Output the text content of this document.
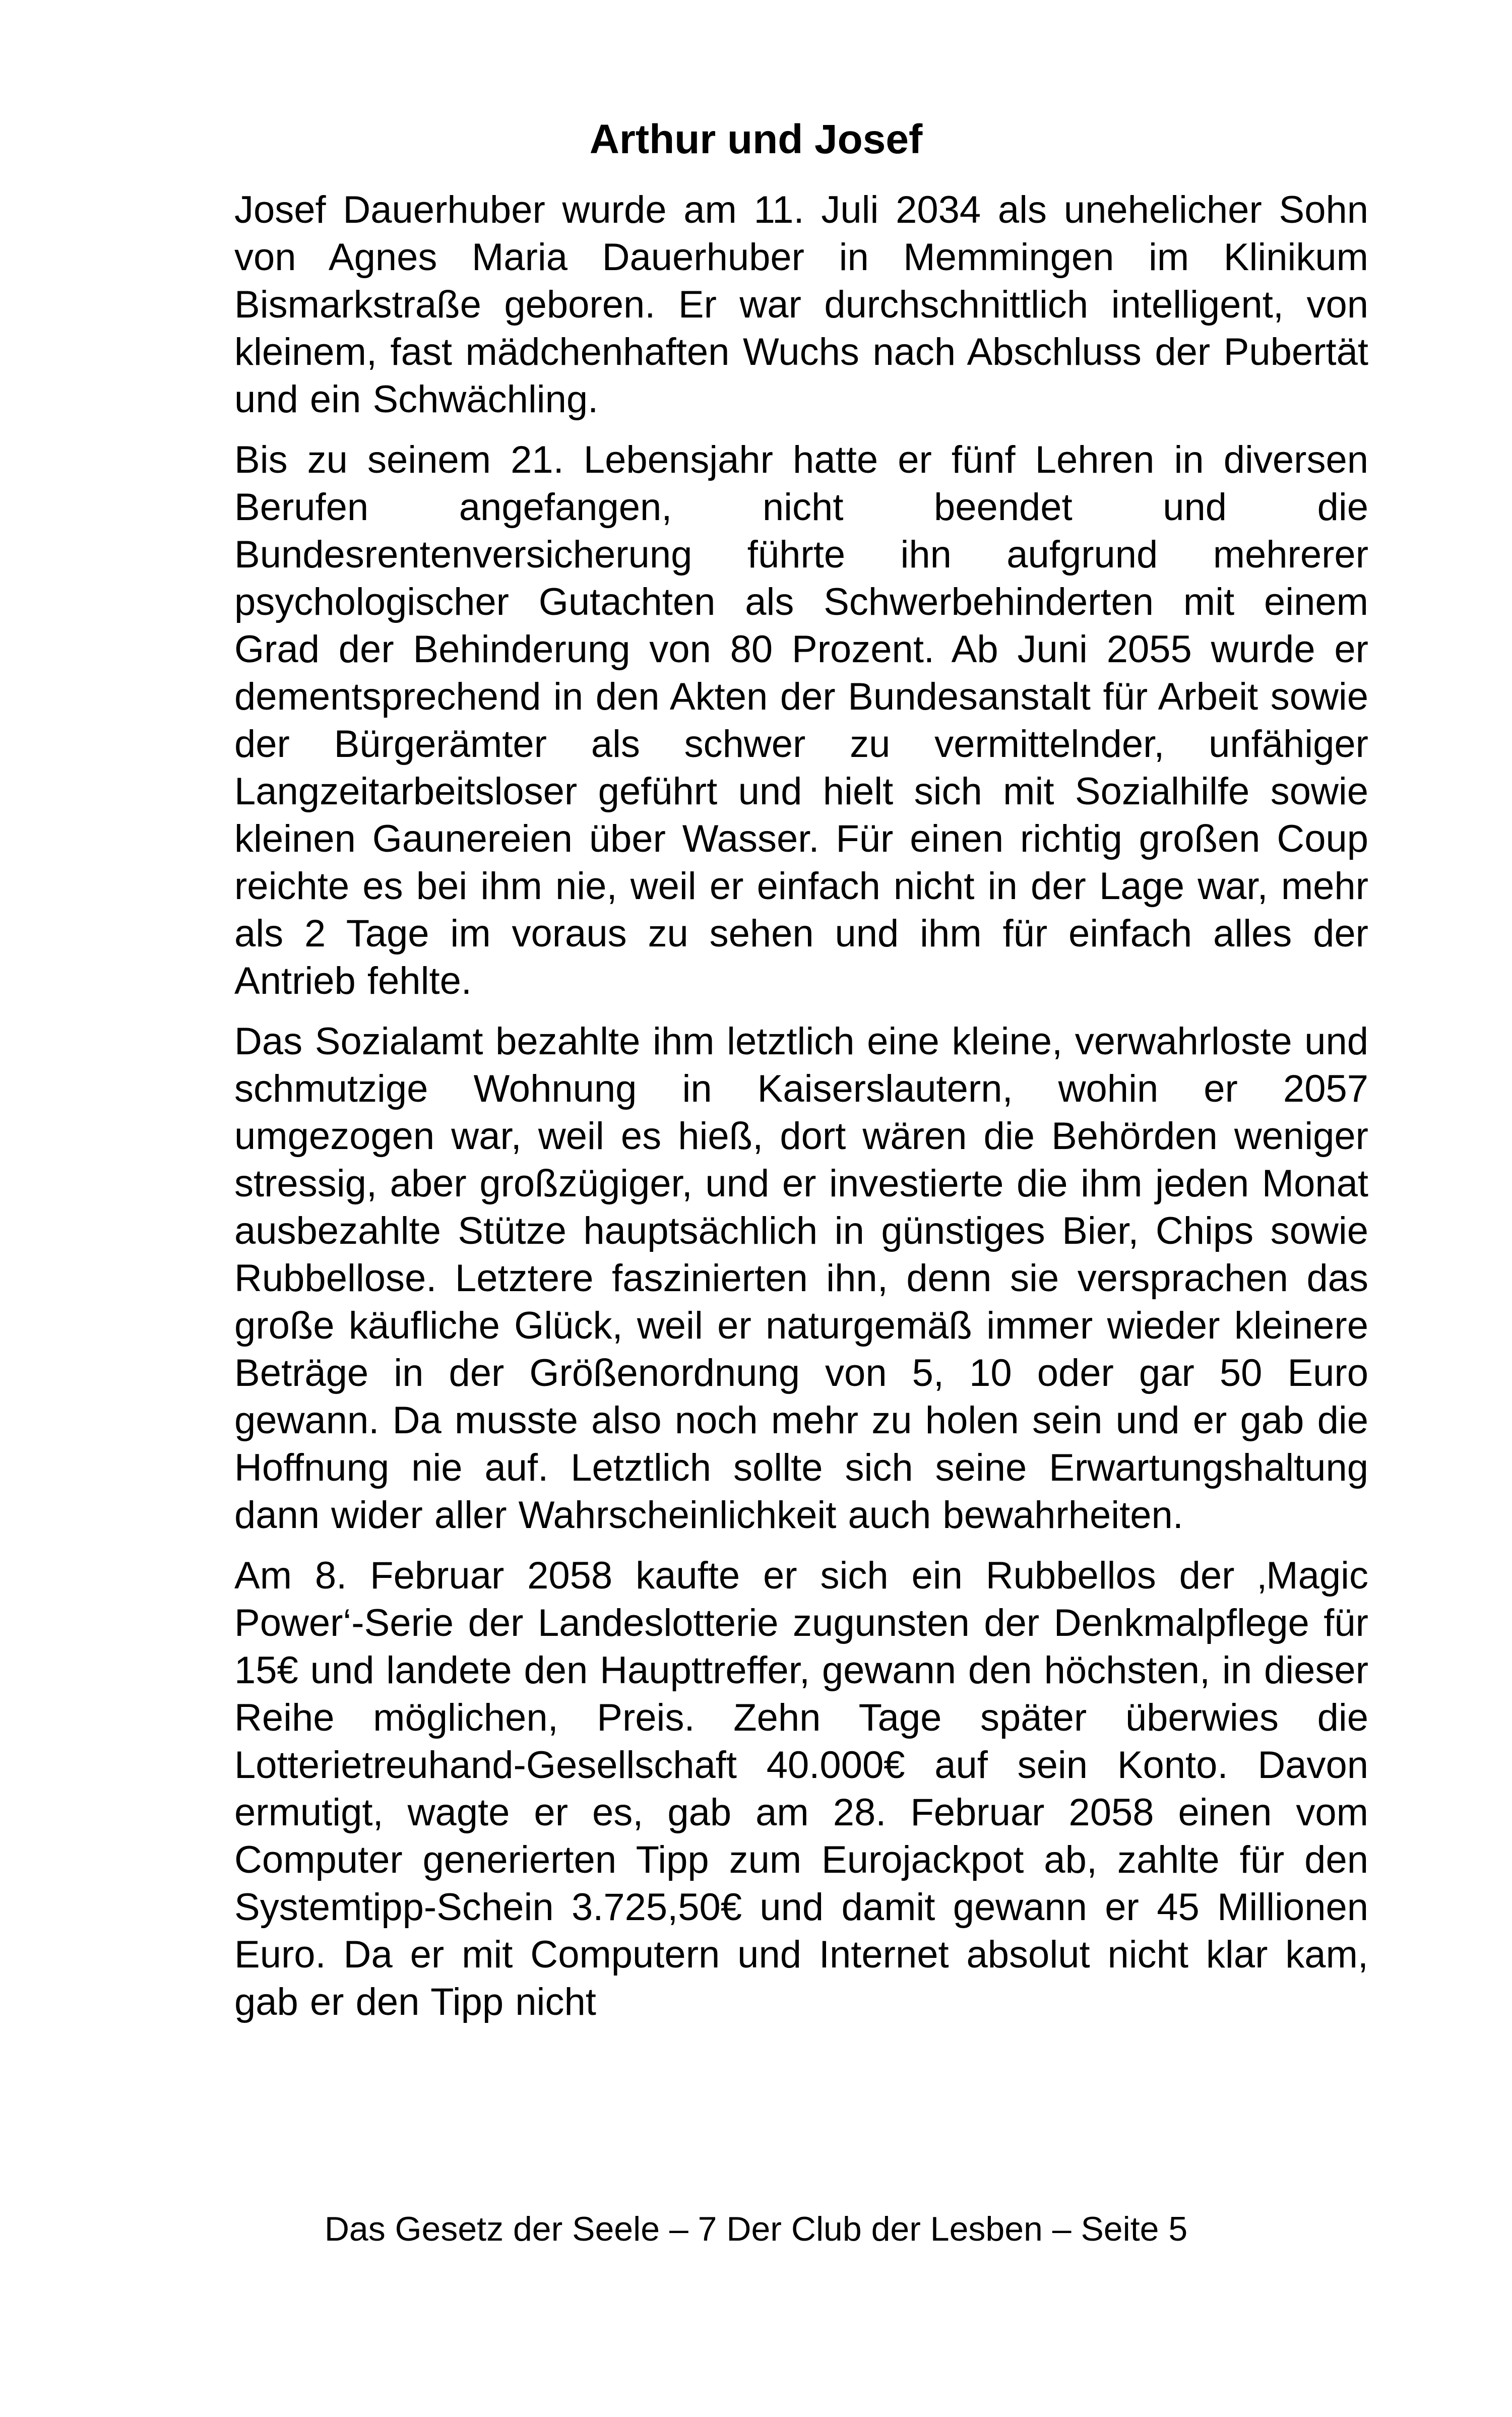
Arthur und Josef

Josef Dauerhuber wurde am 11. Juli 2034 als unehelicher Sohn von Agnes Maria Dauerhuber in Memmingen im Klinikum Bismarkstraße geboren. Er war durchschnittlich intelligent, von kleinem, fast mädchenhaften Wuchs nach Abschluss der Pubertät und ein Schwächling.

Bis zu seinem 21. Lebensjahr hatte er fünf Lehren in diversen Berufen angefangen, nicht beendet und die Bundesrentenversicherung führte ihn aufgrund mehrerer psychologischer Gutachten als Schwerbehinderten mit einem Grad der Behinderung von 80 Prozent. Ab Juni 2055 wurde er dementsprechend in den Akten der Bundesanstalt für Arbeit sowie der Bürgerämter als schwer zu vermittelnder, unfähiger Langzeitarbeitsloser geführt und hielt sich mit Sozialhilfe sowie kleinen Gaunereien über Wasser. Für einen richtig großen Coup reichte es bei ihm nie, weil er einfach nicht in der Lage war, mehr als 2 Tage im voraus zu sehen und ihm für einfach alles der Antrieb fehlte.

Das Sozialamt bezahlte ihm letztlich eine kleine, verwahrloste und schmutzige Wohnung in Kaiserslautern, wohin er 2057 umgezogen war, weil es hieß, dort wären die Behörden weniger stressig, aber großzügiger, und er investierte die ihm jeden Monat ausbezahlte Stütze hauptsächlich in günstiges Bier, Chips sowie Rubbellose. Letztere faszinierten ihn, denn sie versprachen das große käufliche Glück, weil er naturgemäß immer wieder kleinere Beträge in der Größenordnung von 5, 10 oder gar 50 Euro gewann. Da musste also noch mehr zu holen sein und er gab die Hoffnung nie auf. Letztlich sollte sich seine Erwartungshaltung dann wider aller Wahrscheinlichkeit auch bewahrheiten.

Am 8. Februar 2058 kaufte er sich ein Rubbellos der ‚Magic Power‘-Serie der Landeslotterie zugunsten der Denkmalpflege für 15€ und landete den Haupttreffer, gewann den höchsten, in dieser Reihe möglichen, Preis. Zehn Tage später überwies die Lotterietreuhand-Gesellschaft 40.000€ auf sein Konto. Davon ermutigt, wagte er es, gab am 28. Februar 2058 einen vom Computer generierten Tipp zum Eurojackpot ab, zahlte für den Systemtipp-Schein 3.725,50€ und damit gewann er 45 Millionen Euro. Da er mit Computern und Internet absolut nicht klar kam, gab er den Tipp nicht

Das Gesetz der Seele – 7 Der Club der Lesben – Seite 5
